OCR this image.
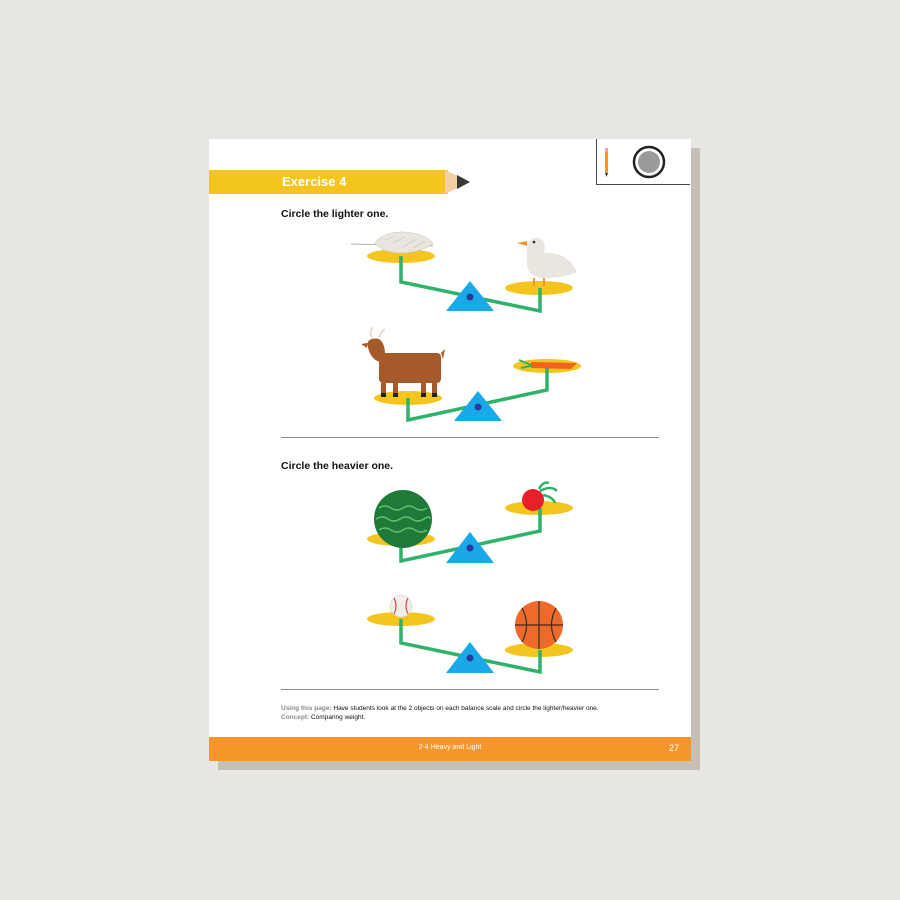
Exercise 4
Circle the lighter one.
Circle the heavier one.
Using this page: Have students look at the 2 objects on each balance scale and circle the lighter/heavier one.
Concept: Comparing weight.
2-4 Heavy and Light	27
